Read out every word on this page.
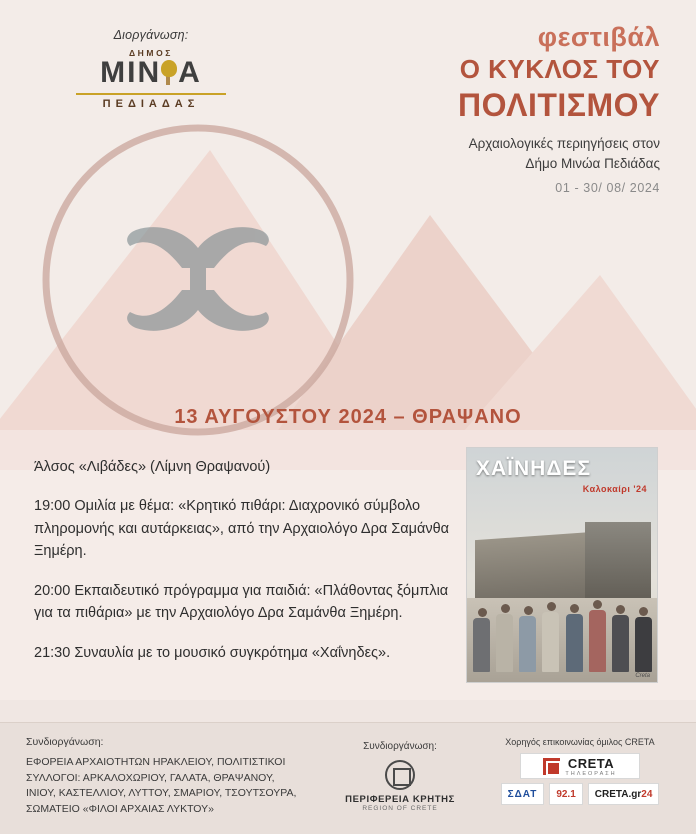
Διοργάνωση:
ΔΗΜΟΣ
ΜΙΝ Α
ΠΕΔΙΑΔΑΣ
φεστιβάλ
Ο ΚΥΚΛΟΣ ΤΟΥ
ΠΟΛΙΤΙΣΜΟΥ
Αρχαιολογικές περιηγήσεις στον
Δήμο Μινώα Πεδιάδας
01 - 30/ 08/ 2024
13 ΑΥΓΟΥΣΤΟΥ 2024 – ΘΡΑΨΑΝΟ

Άλσος «Λιβάδες» (Λίμνη Θραψανού)

19:00 Ομιλία με θέμα: «Κρητικό πιθάρι: Διαχρονικό σύμβολο πληρομονής και αυτάρκειας», από την Αρχαιολόγο Δρα Σαμάνθα Ξημέρη.

20:00 Εκπαιδευτικό πρόγραμμα για παιδιά: «Πλάθοντας ξόμπλια για τα πιθάρια» με την Αρχαιολόγο Δρα Σαμάνθα Ξημέρη.

21:30 Συναυλία με το μουσικό συγκρότημα «Χαΐνηδες».

ΧΑΪΝΗΔΕΣ
Καλοκαίρι '24
Creta
Συνδιοργάνωση:
ΕΦΟΡΕΙΑ ΑΡΧΑΙΟΤΗΤΩΝ ΗΡΑΚΛΕΙΟΥ, ΠΟΛΙΤΙΣΤΙΚΟΙ ΣΥΛΛΟΓΟΙ: ΑΡΚΑΛΟΧΩΡΙΟΥ, ΓΑΛΑΤΑ, ΘΡΑΨΑΝΟΥ, ΙΝΙΟΥ, ΚΑΣΤΕΛΛΙΟΥ, ΛΥΤΤΟΥ, ΣΜΑΡΙΟΥ, ΤΣΟΥΤΣΟΥΡΑ, ΣΩΜΑΤΕΙΟ «ΦΙΛΟΙ ΑΡΧΑΙΑΣ ΛΥΚΤΟΥ»
Συνδιοργάνωση:
ΠΕΡΙΦΕΡΕΙΑ ΚΡΗΤΗΣ
REGION OF CRETE
Χορηγός επικοινωνίας όμιλος CRETA
CRETA
ΤΗΛΕΟΡΑΣΗ
ΣΔΑΤ	92.1	CRETA.gr 24
